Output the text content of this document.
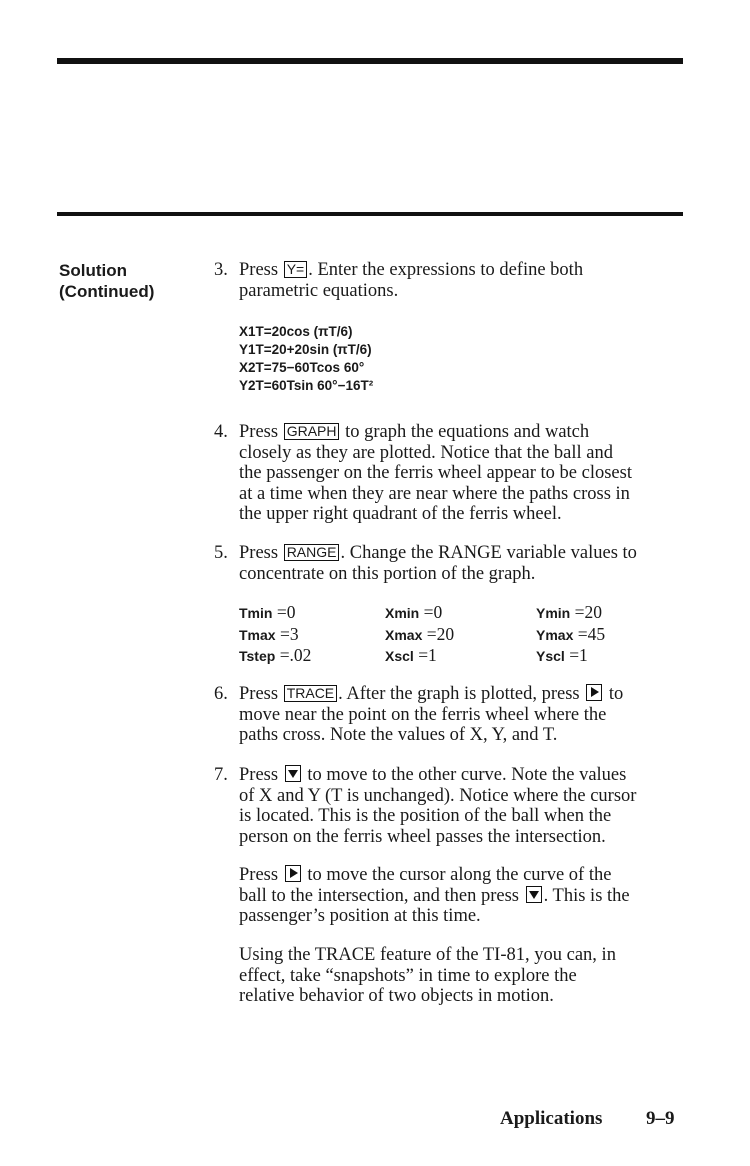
Solution
(Continued)
3. Press Y= . Enter the expressions to define both
parametric equations.
X1T=20cos (πT/6)
Y1T=20+20sin (πT/6)
X2T=75−60Tcos 60°
Y2T=60Tsin 60°−16T²
4. Press GRAPH to graph the equations and watch
closely as they are plotted. Notice that the ball and
the passenger on the ferris wheel appear to be closest
at a time when they are near where the paths cross in
the upper right quadrant of the ferris wheel.
5. Press RANGE . Change the RANGE variable values to
concentrate on this portion of the graph.
Tmin =0
Tmax =3
Tstep =.02
Xmin =0
Xmax =20
Xscl =1
Ymin =20
Ymax =45
Yscl =1
6. Press TRACE . After the graph is plotted, press to
move near the point on the ferris wheel where the
paths cross. Note the values of X, Y, and T.
7. Press to move to the other curve. Note the values
of X and Y (T is unchanged). Notice where the cursor
is located. This is the position of the ball when the
person on the ferris wheel passes the intersection.
Press to move the cursor along the curve of the
ball to the intersection, and then press . This is the
passenger’s position at this time.
Using the TRACE feature of the TI-81, you can, in
effect, take “snapshots” in time to explore the
relative behavior of two objects in motion.
Applications 9–9
